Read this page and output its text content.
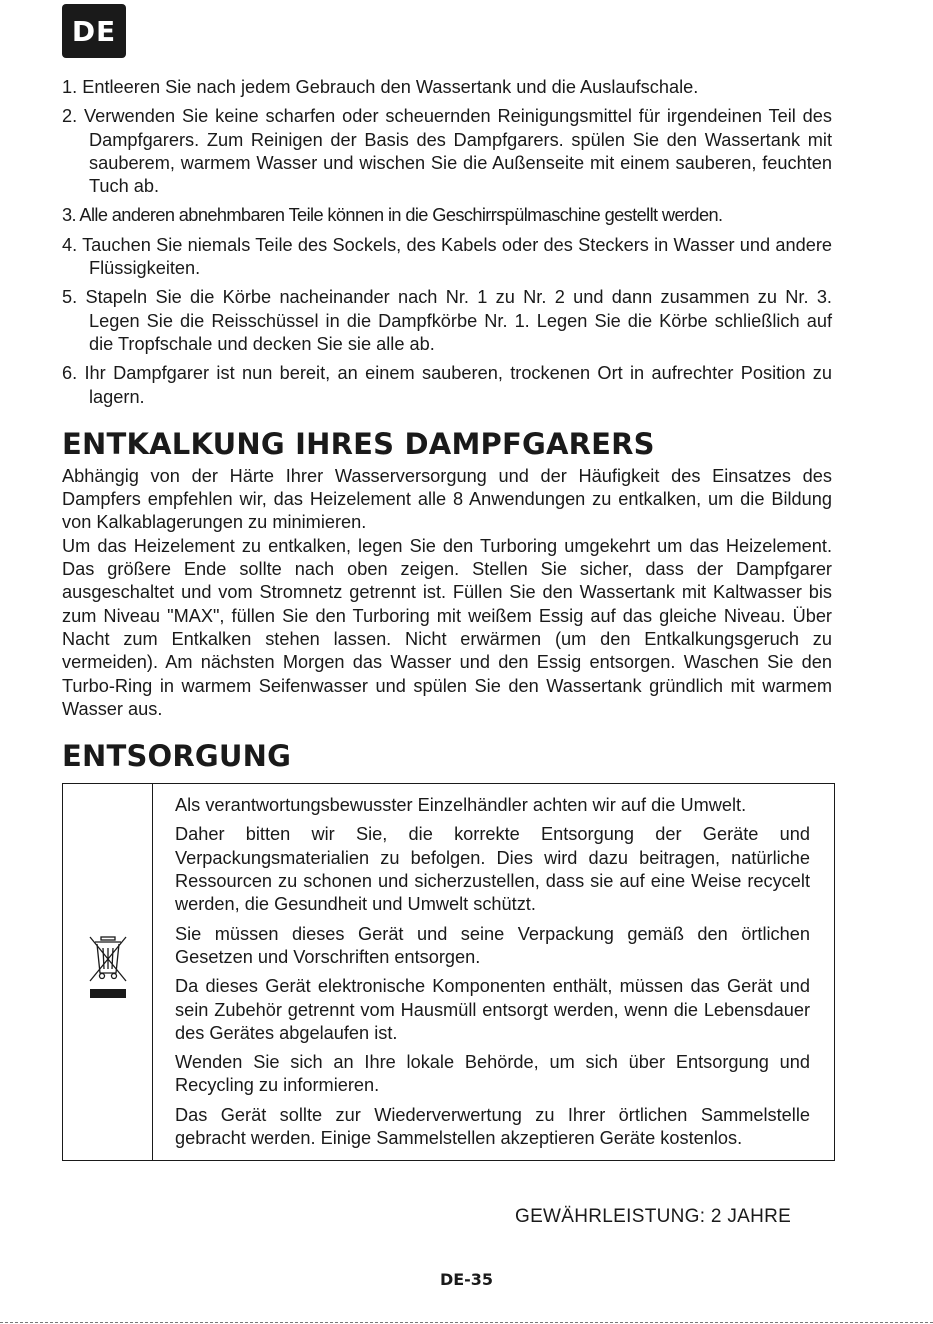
DE
1. Entleeren Sie nach jedem Gebrauch den Wassertank und die Auslaufschale.
2. Verwenden Sie keine scharfen oder scheuernden Reinigungsmittel für irgendeinen Teil des Dampfgarers. Zum Reinigen der Basis des Dampfgarers. spülen Sie den Wassertank mit sauberem, warmem Wasser und wischen Sie die Außenseite mit einem sauberen, feuchten Tuch ab.
3. Alle anderen abnehmbaren Teile können in die Geschirrspülmaschine gestellt werden.
4. Tauchen Sie niemals Teile des Sockels, des Kabels oder des Steckers in Wasser und andere Flüssigkeiten.
5. Stapeln Sie die Körbe nacheinander nach Nr. 1 zu Nr. 2 und dann zusammen zu Nr. 3. Legen Sie die Reisschüssel in die Dampfkörbe Nr. 1. Legen Sie die Körbe schließlich auf die Tropfschale und decken Sie sie alle ab.
6. Ihr Dampfgarer ist nun bereit, an einem sauberen, trockenen Ort in aufrechter Position zu lagern.
ENTKALKUNG IHRES DAMPFGARERS

Abhängig von der Härte Ihrer Wasserversorgung und der Häufigkeit des Einsatzes des Dampfers empfehlen wir, das Heizelement alle 8 Anwendungen zu entkalken, um die Bildung von Kalkablagerungen zu minimieren.

Um das Heizelement zu entkalken, legen Sie den Turboring umgekehrt um das Heizelement. Das größere Ende sollte nach oben zeigen. Stellen Sie sicher, dass der Dampfgarer ausgeschaltet und vom Stromnetz getrennt ist. Füllen Sie den Wassertank mit Kaltwasser bis zum Niveau "MAX", füllen Sie den Turboring mit weißem Essig auf das gleiche Niveau. Über Nacht zum Entkalken stehen lassen. Nicht erwärmen (um den Entkalkungsgeruch zu vermeiden). Am nächsten Morgen das Wasser und den Essig entsorgen. Waschen Sie den Turbo-Ring in warmem Seifenwasser und spülen Sie den Wassertank gründlich mit warmem Wasser aus.

ENTSORGUNG

Als verantwortungsbewusster Einzelhändler achten wir auf die Umwelt.

Daher bitten wir Sie, die korrekte Entsorgung der Geräte und Verpackungsmaterialien zu befolgen. Dies wird dazu beitragen, natürliche Ressourcen zu schonen und sicherzustellen, dass sie auf eine Weise recycelt werden, die Gesundheit und Umwelt schützt.

Sie müssen dieses Gerät und seine Verpackung gemäß den örtlichen Gesetzen und Vorschriften entsorgen.

Da dieses Gerät elektronische Komponenten enthält, müssen das Gerät und sein Zubehör getrennt vom Hausmüll entsorgt werden, wenn die Lebensdauer des Gerätes abgelaufen ist.

Wenden Sie sich an Ihre lokale Behörde, um sich über Entsorgung und Recycling zu informieren.

Das Gerät sollte zur Wiederverwertung zu Ihrer örtlichen Sammelstelle gebracht werden. Einige Sammelstellen akzeptieren Geräte kostenlos.

GEWÄHRLEISTUNG: 2 JAHRE
DE-35
